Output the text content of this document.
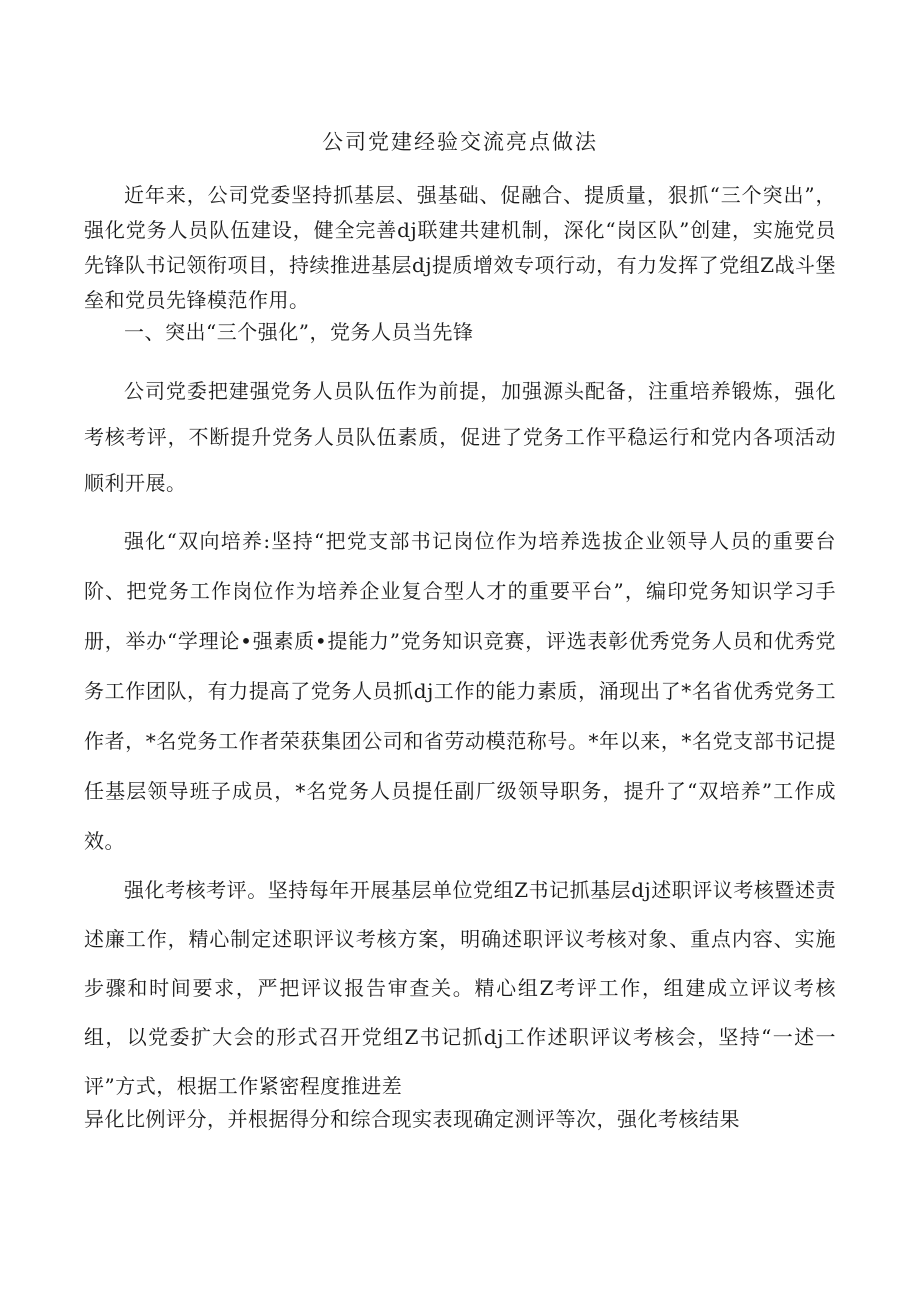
公司党建经验交流亮点做法

近年来，公司党委坚持抓基层、强基础、促融合、提质量，狠抓“三个突出”，强化党务人员队伍建设，健全完善dj联建共建机制，深化“岗区队”创建，实施党员先锋队书记领衔项目，持续推进基层dj提质增效专项行动，有力发挥了党组Z战斗堡垒和党员先锋模范作用。

一、突出“三个强化”，党务人员当先锋

公司党委把建强党务人员队伍作为前提，加强源头配备，注重培养锻炼，强化考核考评，不断提升党务人员队伍素质，促进了党务工作平稳运行和党内各项活动顺利开展。

强化“双向培养:坚持“把党支部书记岗位作为培养选拔企业领导人员的重要台阶、把党务工作岗位作为培养企业复合型人才的重要平台”，编印党务知识学习手册，举办“学理论•强素质•提能力”党务知识竞赛，评选表彰优秀党务人员和优秀党务工作团队，有力提高了党务人员抓dj工作的能力素质，涌现出了*名省优秀党务工作者，*名党务工作者荣获集团公司和省劳动模范称号。*年以来，*名党支部书记提任基层领导班子成员，*名党务人员提任副厂级领导职务，提升了“双培养”工作成效。

强化考核考评。坚持每年开展基层单位党组Z书记抓基层dj述职评议考核暨述责述廉工作，精心制定述职评议考核方案，明确述职评议考核对象、重点内容、实施步骤和时间要求，严把评议报告审查关。精心组Z考评工作，组建成立评议考核组，以党委扩大会的形式召开党组Z书记抓dj工作述职评议考核会，坚持“一述一评”方式，根据工作紧密程度推进差

异化比例评分，并根据得分和综合现实表现确定测评等次，强化考核结果
